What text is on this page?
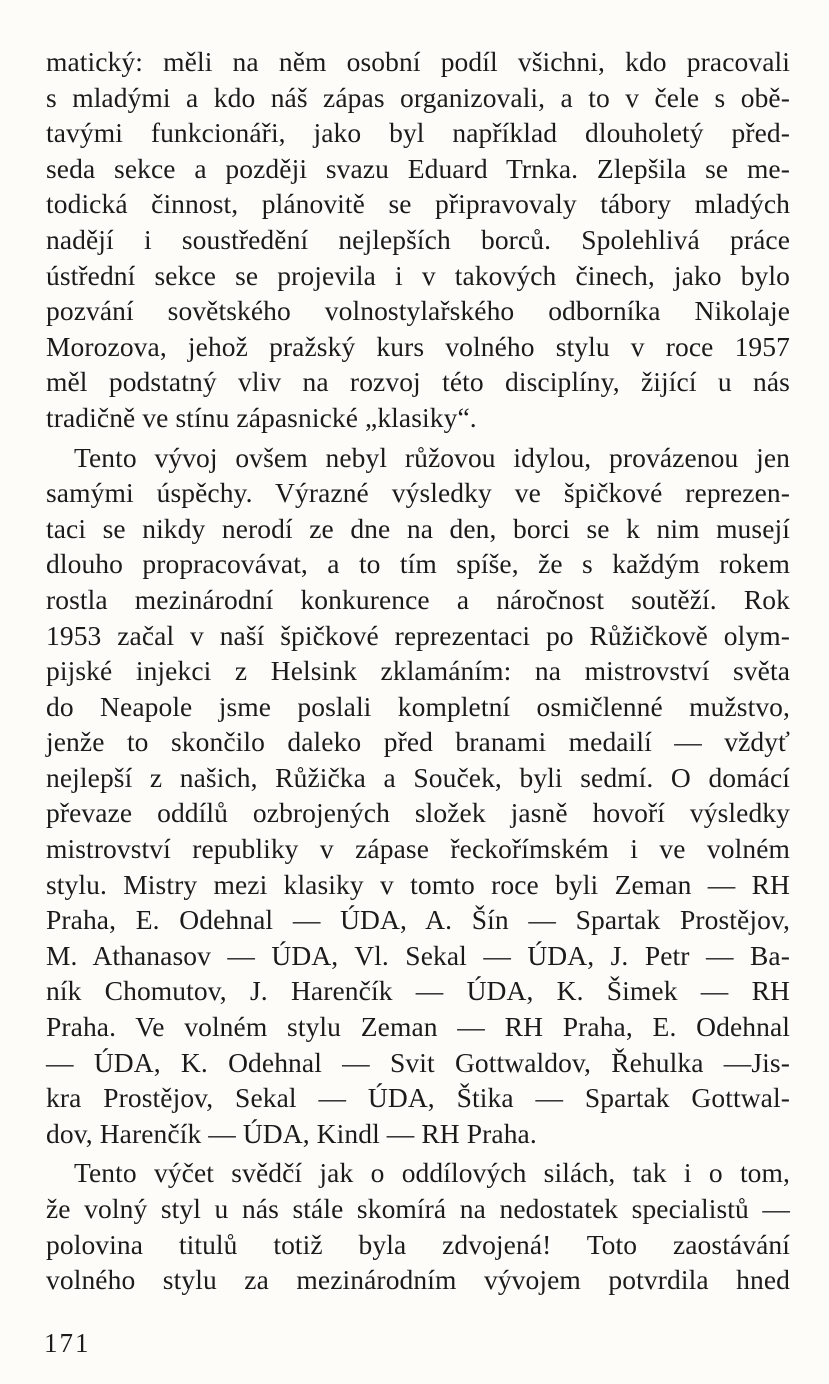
matický: měli na něm osobní podíl všichni, kdo pracovali
s mladými a kdo náš zápas organizovali, a to v čele s obě-
tavými funkcionáři, jako byl například dlouholetý před-
seda sekce a později svazu Eduard Trnka. Zlepšila se me-
todická činnost, plánovitě se připravovaly tábory mladých
nadějí i soustředění nejlepších borců. Spolehlivá práce
ústřední sekce se projevila i v takových činech, jako bylo
pozvání sovětského volnostylařského odborníka Nikolaje
Morozova, jehož pražský kurs volného stylu v roce 1957
měl podstatný vliv na rozvoj této disciplíny, žijící u nás
tradičně ve stínu zápasnické „klasiky“.
Tento vývoj ovšem nebyl růžovou idylou, provázenou jen
samými úspěchy. Výrazné výsledky ve špičkové reprezen-
taci se nikdy nerodí ze dne na den, borci se k nim musejí
dlouho propracovávat, a to tím spíše, že s každým rokem
rostla mezinárodní konkurence a náročnost soutěží. Rok
1953 začal v naší špičkové reprezentaci po Růžičkově olym-
pijské injekci z Helsink zklamáním: na mistrovství světa
do Neapole jsme poslali kompletní osmičlenné mužstvo,
jenže to skončilo daleko před branami medailí — vždyť
nejlepší z našich, Růžička a Souček, byli sedmí. O domácí
převaze oddílů ozbrojených složek jasně hovoří výsledky
mistrovství republiky v zápase řeckořímském i ve volném
stylu. Mistry mezi klasiky v tomto roce byli Zeman — RH
Praha, E. Odehnal — ÚDA, A. Šín — Spartak Prostějov,
M. Athanasov — ÚDA, Vl. Sekal — ÚDA, J. Petr — Ba-
ník Chomutov, J. Harenčík — ÚDA, K. Šimek — RH
Praha. Ve volném stylu Zeman — RH Praha, E. Odehnal
— ÚDA, K. Odehnal — Svit Gottwaldov, Řehulka —Jis-
kra Prostějov, Sekal — ÚDA, Štika — Spartak Gottwal-
dov, Harenčík — ÚDA, Kindl — RH Praha.
Tento výčet svědčí jak o oddílových silách, tak i o tom,
že volný styl u nás stále skomírá na nedostatek specialistů —
polovina titulů totiž byla zdvojená! Toto zaostávání
volného stylu za mezinárodním vývojem potvrdila hned
171
